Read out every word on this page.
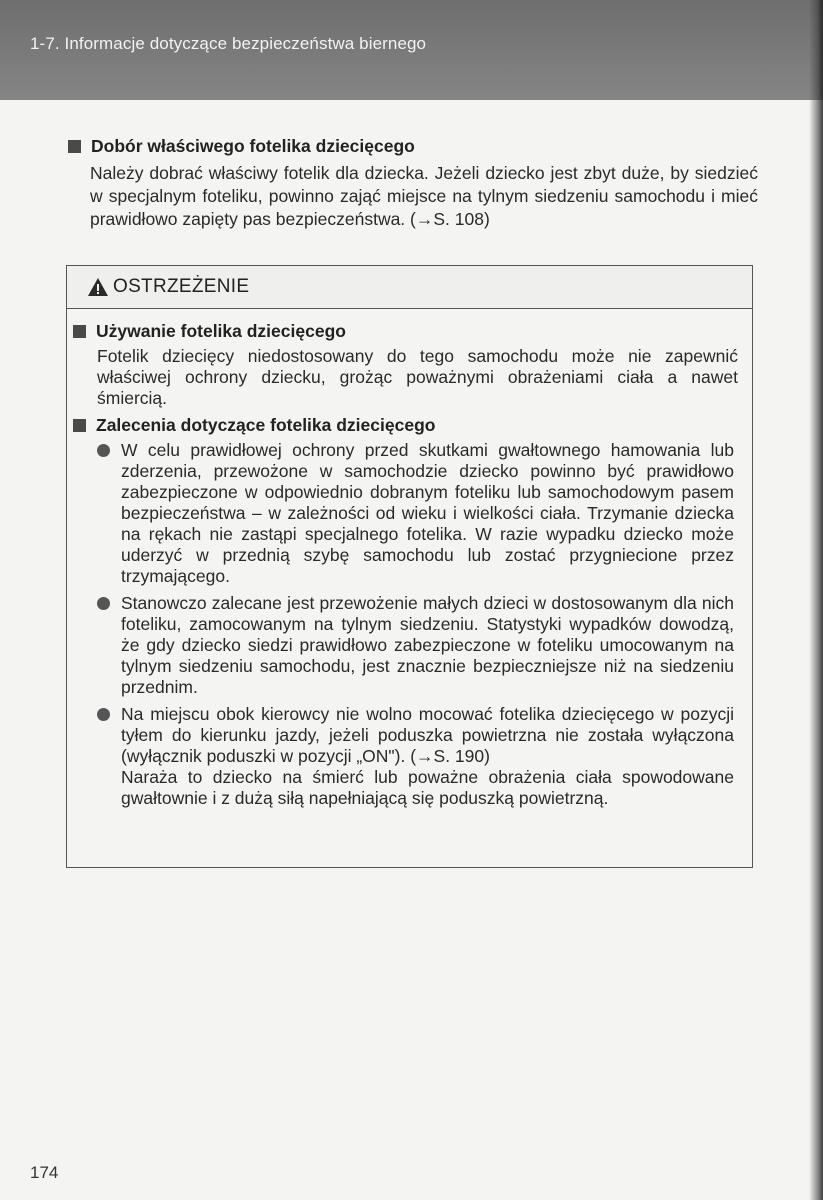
1-7. Informacje dotyczące bezpieczeństwa biernego
Dobór właściwego fotelika dziecięcego
Należy dobrać właściwy fotelik dla dziecka. Jeżeli dziecko jest zbyt duże, by siedzieć w specjalnym foteliku, powinno zająć miejsce na tylnym siedzeniu samochodu i mieć prawidłowo zapięty pas bezpieczeństwa. (→S. 108)
OSTRZEŻENIE
Używanie fotelika dziecięcego
Fotelik dziecięcy niedostosowany do tego samochodu może nie zapewnić właściwej ochrony dziecku, grożąc poważnymi obrażeniami ciała a nawet śmiercią.
Zalecenia dotyczące fotelika dziecięcego
W celu prawidłowej ochrony przed skutkami gwałtownego hamowania lub zderzenia, przewożone w samochodzie dziecko powinno być prawidłowo zabezpieczone w odpowiednio dobranym foteliku lub samochodowym pasem bezpieczeństwa – w zależności od wieku i wielkości ciała. Trzymanie dziecka na rękach nie zastąpi specjalnego fotelika. W razie wypadku dziecko może uderzyć w przednią szybę samochodu lub zostać przygniecione przez trzymającego.
Stanowczo zalecane jest przewożenie małych dzieci w dostosowanym dla nich foteliku, zamocowanym na tylnym siedzeniu. Statystyki wypadków dowodzą, że gdy dziecko siedzi prawidłowo zabezpieczone w foteliku umocowanym na tylnym siedzeniu samochodu, jest znacznie bezpieczniejsze niż na siedzeniu przednim.
Na miejscu obok kierowcy nie wolno mocować fotelika dziecięcego w pozycji tyłem do kierunku jazdy, jeżeli poduszka powietrzna nie została wyłączona (wyłącznik poduszki w pozycji „ON"). (→S. 190)
Naraża to dziecko na śmierć lub poważne obrażenia ciała spowodowane gwałtownie i z dużą siłą napełniającą się poduszką powietrzną.
174
